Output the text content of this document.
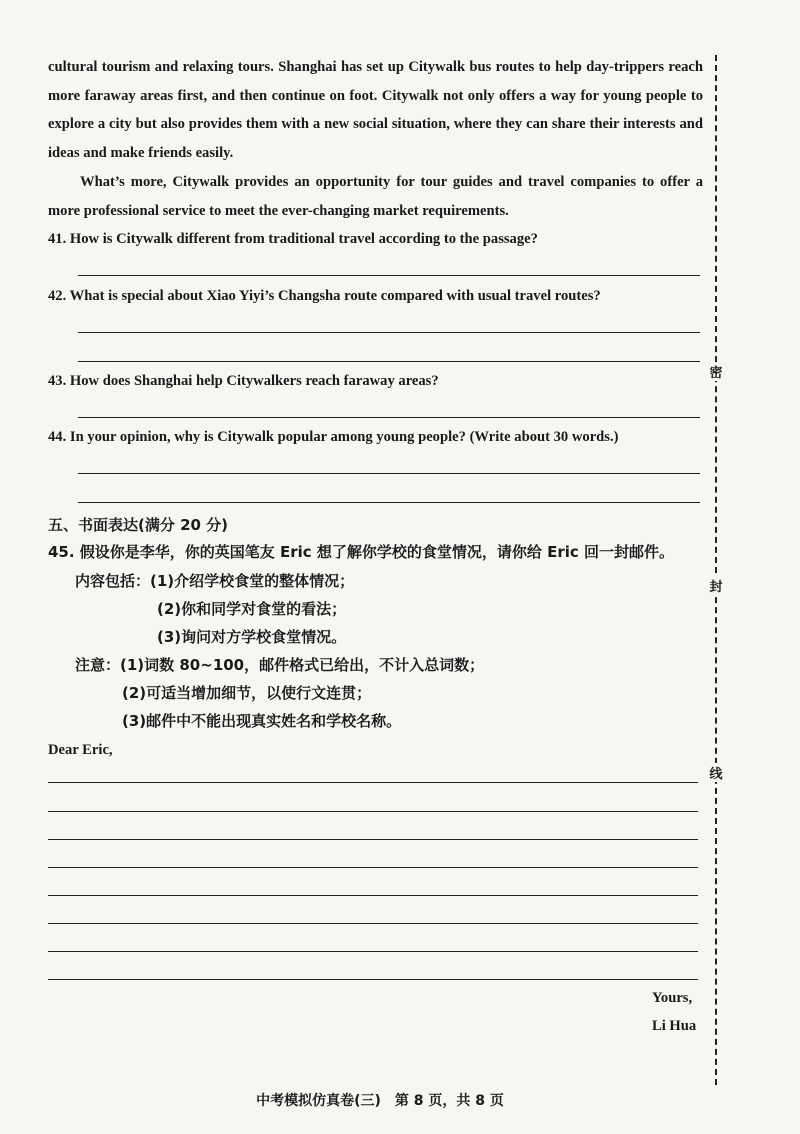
cultural tourism and relaxing tours. Shanghai has set up Citywalk bus routes to help day-trippers reach more faraway areas first, and then continue on foot. Citywalk not only offers a way for young people to explore a city but also provides them with a new social situation, where they can share their interests and ideas and make friends easily.

What’s more, Citywalk provides an opportunity for tour guides and travel companies to offer a more professional service to meet the ever-changing market requirements.

41. How is Citywalk different from traditional travel according to the passage?
42. What is special about Xiao Yiyi’s Changsha route compared with usual travel routes?
43. How does Shanghai help Citywalkers reach faraway areas?
44. In your opinion, why is Citywalk popular among young people? (Write about 30 words.)
五、书面表达(满分 20 分)
45. 假设你是李华，你的英国笔友 Eric 想了解你学校的食堂情况，请你给 Eric 回一封邮件。
内容包括：(1)介绍学校食堂的整体情况；
(2)你和同学对食堂的看法；
(3)询问对方学校食堂情况。
注意：(1)词数 80~100，邮件格式已给出，不计入总词数；
(2)可适当增加细节，以使行文连贯；
(3)邮件中不能出现真实姓名和学校名称。
Dear Eric,
Yours,
Li Hua
密
封
线
中考模拟仿真卷(三)　第 8 页，共 8 页
